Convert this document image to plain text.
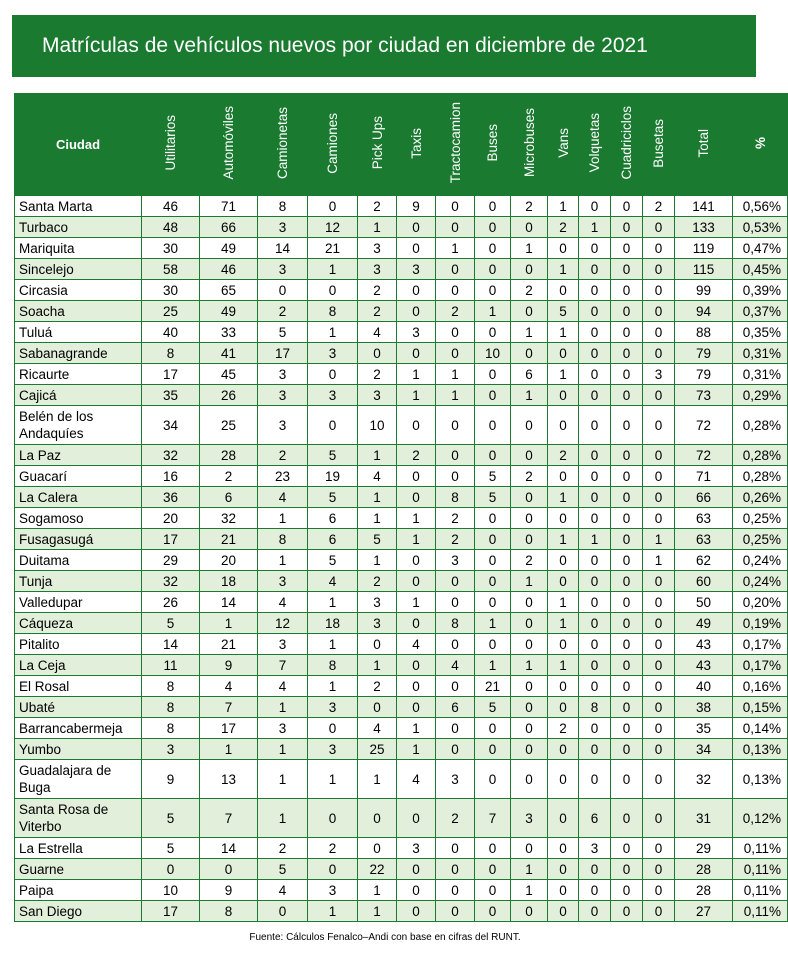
Matrículas de vehículos nuevos por ciudad en diciembre de 2021
Ciudad	Utilitarios	Automóviles	Camionetas	Camiones	Pick Ups	Taxis	Tractocamion	Buses	Microbuses	Vans	Volquetas	Cuadriciclos	Busetas	Total	%
Santa Marta	46	71	8	0	2	9	0	0	2	1	0	0	2	141	0,56%
Turbaco	48	66	3	12	1	0	0	0	0	2	1	0	0	133	0,53%
Mariquita	30	49	14	21	3	0	1	0	1	0	0	0	0	119	0,47%
Sincelejo	58	46	3	1	3	3	0	0	0	1	0	0	0	115	0,45%
Circasia	30	65	0	0	2	0	0	0	2	0	0	0	0	99	0,39%
Soacha	25	49	2	8	2	0	2	1	0	5	0	0	0	94	0,37%
Tuluá	40	33	5	1	4	3	0	0	1	1	0	0	0	88	0,35%
Sabanagrande	8	41	17	3	0	0	0	10	0	0	0	0	0	79	0,31%
Ricaurte	17	45	3	0	2	1	1	0	6	1	0	0	3	79	0,31%
Cajicá	35	26	3	3	3	1	1	0	1	0	0	0	0	73	0,29%
Belén de los Andaquíes	34	25	3	0	10	0	0	0	0	0	0	0	0	72	0,28%
La Paz	32	28	2	5	1	2	0	0	0	2	0	0	0	72	0,28%
Guacarí	16	2	23	19	4	0	0	5	2	0	0	0	0	71	0,28%
La Calera	36	6	4	5	1	0	8	5	0	1	0	0	0	66	0,26%
Sogamoso	20	32	1	6	1	1	2	0	0	0	0	0	0	63	0,25%
Fusagasugá	17	21	8	6	5	1	2	0	0	1	1	0	1	63	0,25%
Duitama	29	20	1	5	1	0	3	0	2	0	0	0	1	62	0,24%
Tunja	32	18	3	4	2	0	0	0	1	0	0	0	0	60	0,24%
Valledupar	26	14	4	1	3	1	0	0	0	1	0	0	0	50	0,20%
Cáqueza	5	1	12	18	3	0	8	1	0	1	0	0	0	49	0,19%
Pitalito	14	21	3	1	0	4	0	0	0	0	0	0	0	43	0,17%
La Ceja	11	9	7	8	1	0	4	1	1	1	0	0	0	43	0,17%
El Rosal	8	4	4	1	2	0	0	21	0	0	0	0	0	40	0,16%
Ubaté	8	7	1	3	0	0	6	5	0	0	8	0	0	38	0,15%
Barrancabermeja	8	17	3	0	4	1	0	0	0	2	0	0	0	35	0,14%
Yumbo	3	1	1	3	25	1	0	0	0	0	0	0	0	34	0,13%
Guadalajara de Buga	9	13	1	1	1	4	3	0	0	0	0	0	0	32	0,13%
Santa Rosa de Viterbo	5	7	1	0	0	0	2	7	3	0	6	0	0	31	0,12%
La Estrella	5	14	2	2	0	3	0	0	0	0	3	0	0	29	0,11%
Guarne	0	0	5	0	22	0	0	0	1	0	0	0	0	28	0,11%
Paipa	10	9	4	3	1	0	0	0	1	0	0	0	0	28	0,11%
San Diego	17	8	0	1	1	0	0	0	0	0	0	0	0	27	0,11%
Fuente: Cálculos Fenalco–Andi con base en cifras del RUNT.
